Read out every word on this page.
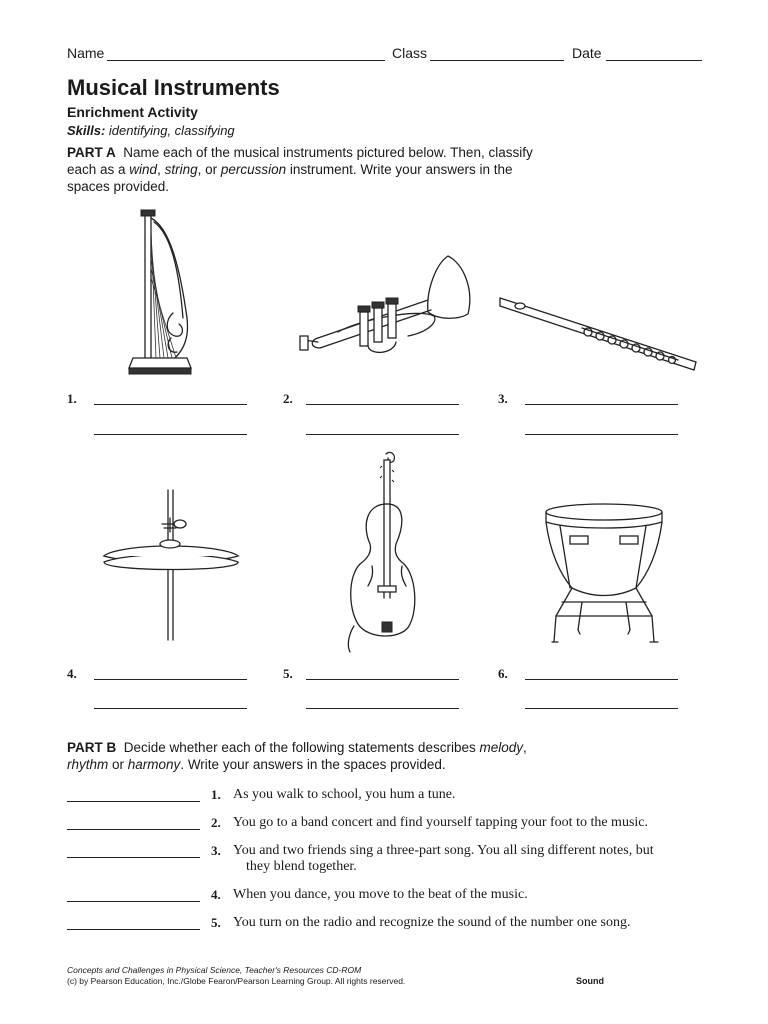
Name	Class	Date
Musical Instruments
Enrichment Activity
Skills: identifying, classifying
PART A Name each of the musical instruments pictured below. Then, classify
each as a wind, string, or percussion instrument. Write your answers in the
spaces provided.
1.	2.	3.
4.	5.	6.
PART B Decide whether each of the following statements describes melody,
rhythm or harmony. Write your answers in the spaces provided.
1. As you walk to school, you hum a tune.
2. You go to a band concert and find yourself tapping your foot to the music.
3. You and two friends sing a three-part song. You all sing different notes, but
they blend together.
4. When you dance, you move to the beat of the music.
5. You turn on the radio and recognize the sound of the number one song.
Concepts and Challenges in Physical Science, Teacher's Resources CD-ROM
(c) by Pearson Education, Inc./Globe Fearon/Pearson Learning Group. All rights reserved.	Sound
